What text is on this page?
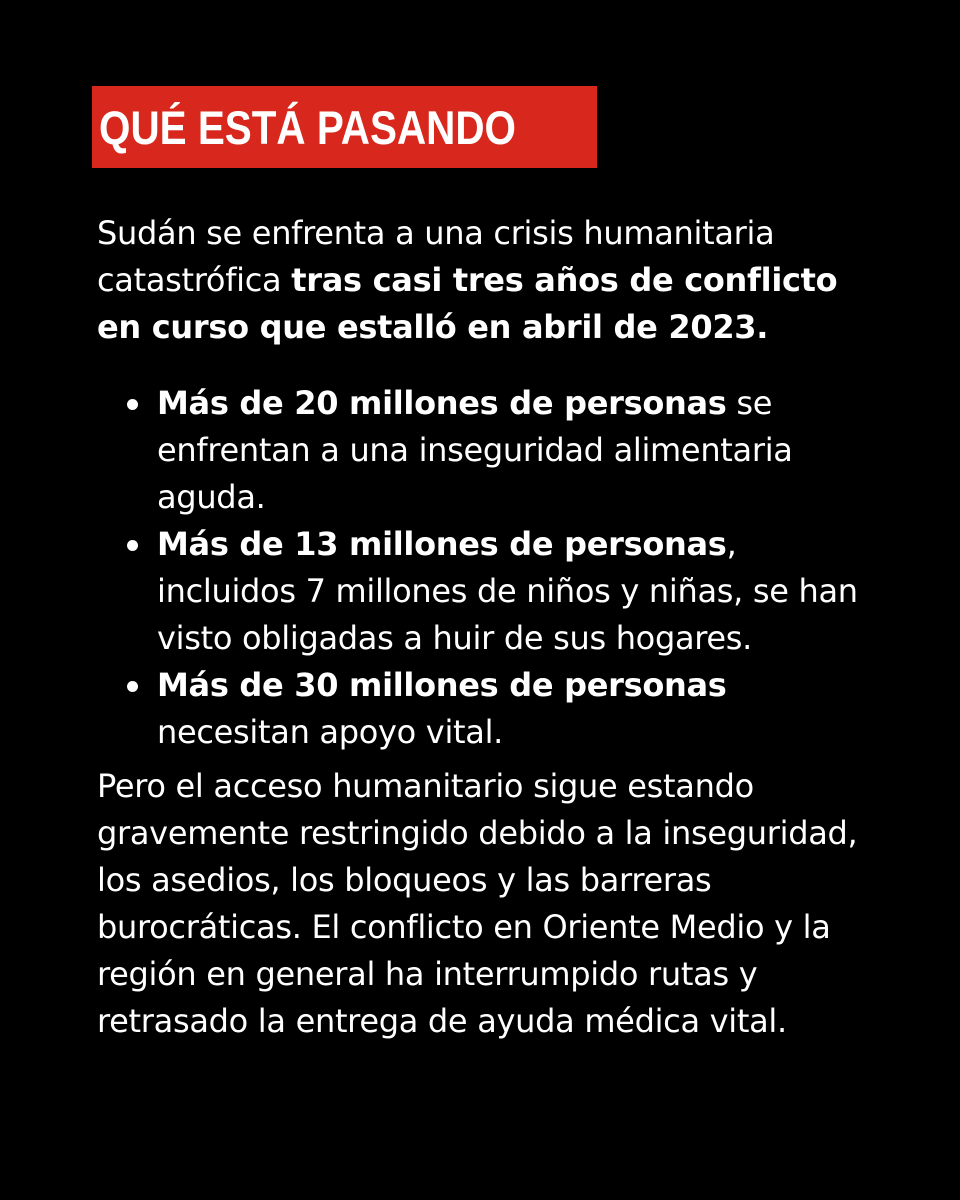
QUÉ ESTÁ PASANDO
Sudán se enfrenta a una crisis humanitaria catastrófica tras casi tres años de conflicto en curso que estalló en abril de 2023.
Más de 20 millones de personas se enfrentan a una inseguridad alimentaria aguda.
Más de 13 millones de personas, incluidos 7 millones de niños y niñas, se han visto obligadas a huir de sus hogares.
Más de 30 millones de personas necesitan apoyo vital.
Pero el acceso humanitario sigue estando gravemente restringido debido a la inseguridad, los asedios, los bloqueos y las barreras burocráticas. El conflicto en Oriente Medio y la región en general ha interrumpido rutas y retrasado la entrega de ayuda médica vital.
